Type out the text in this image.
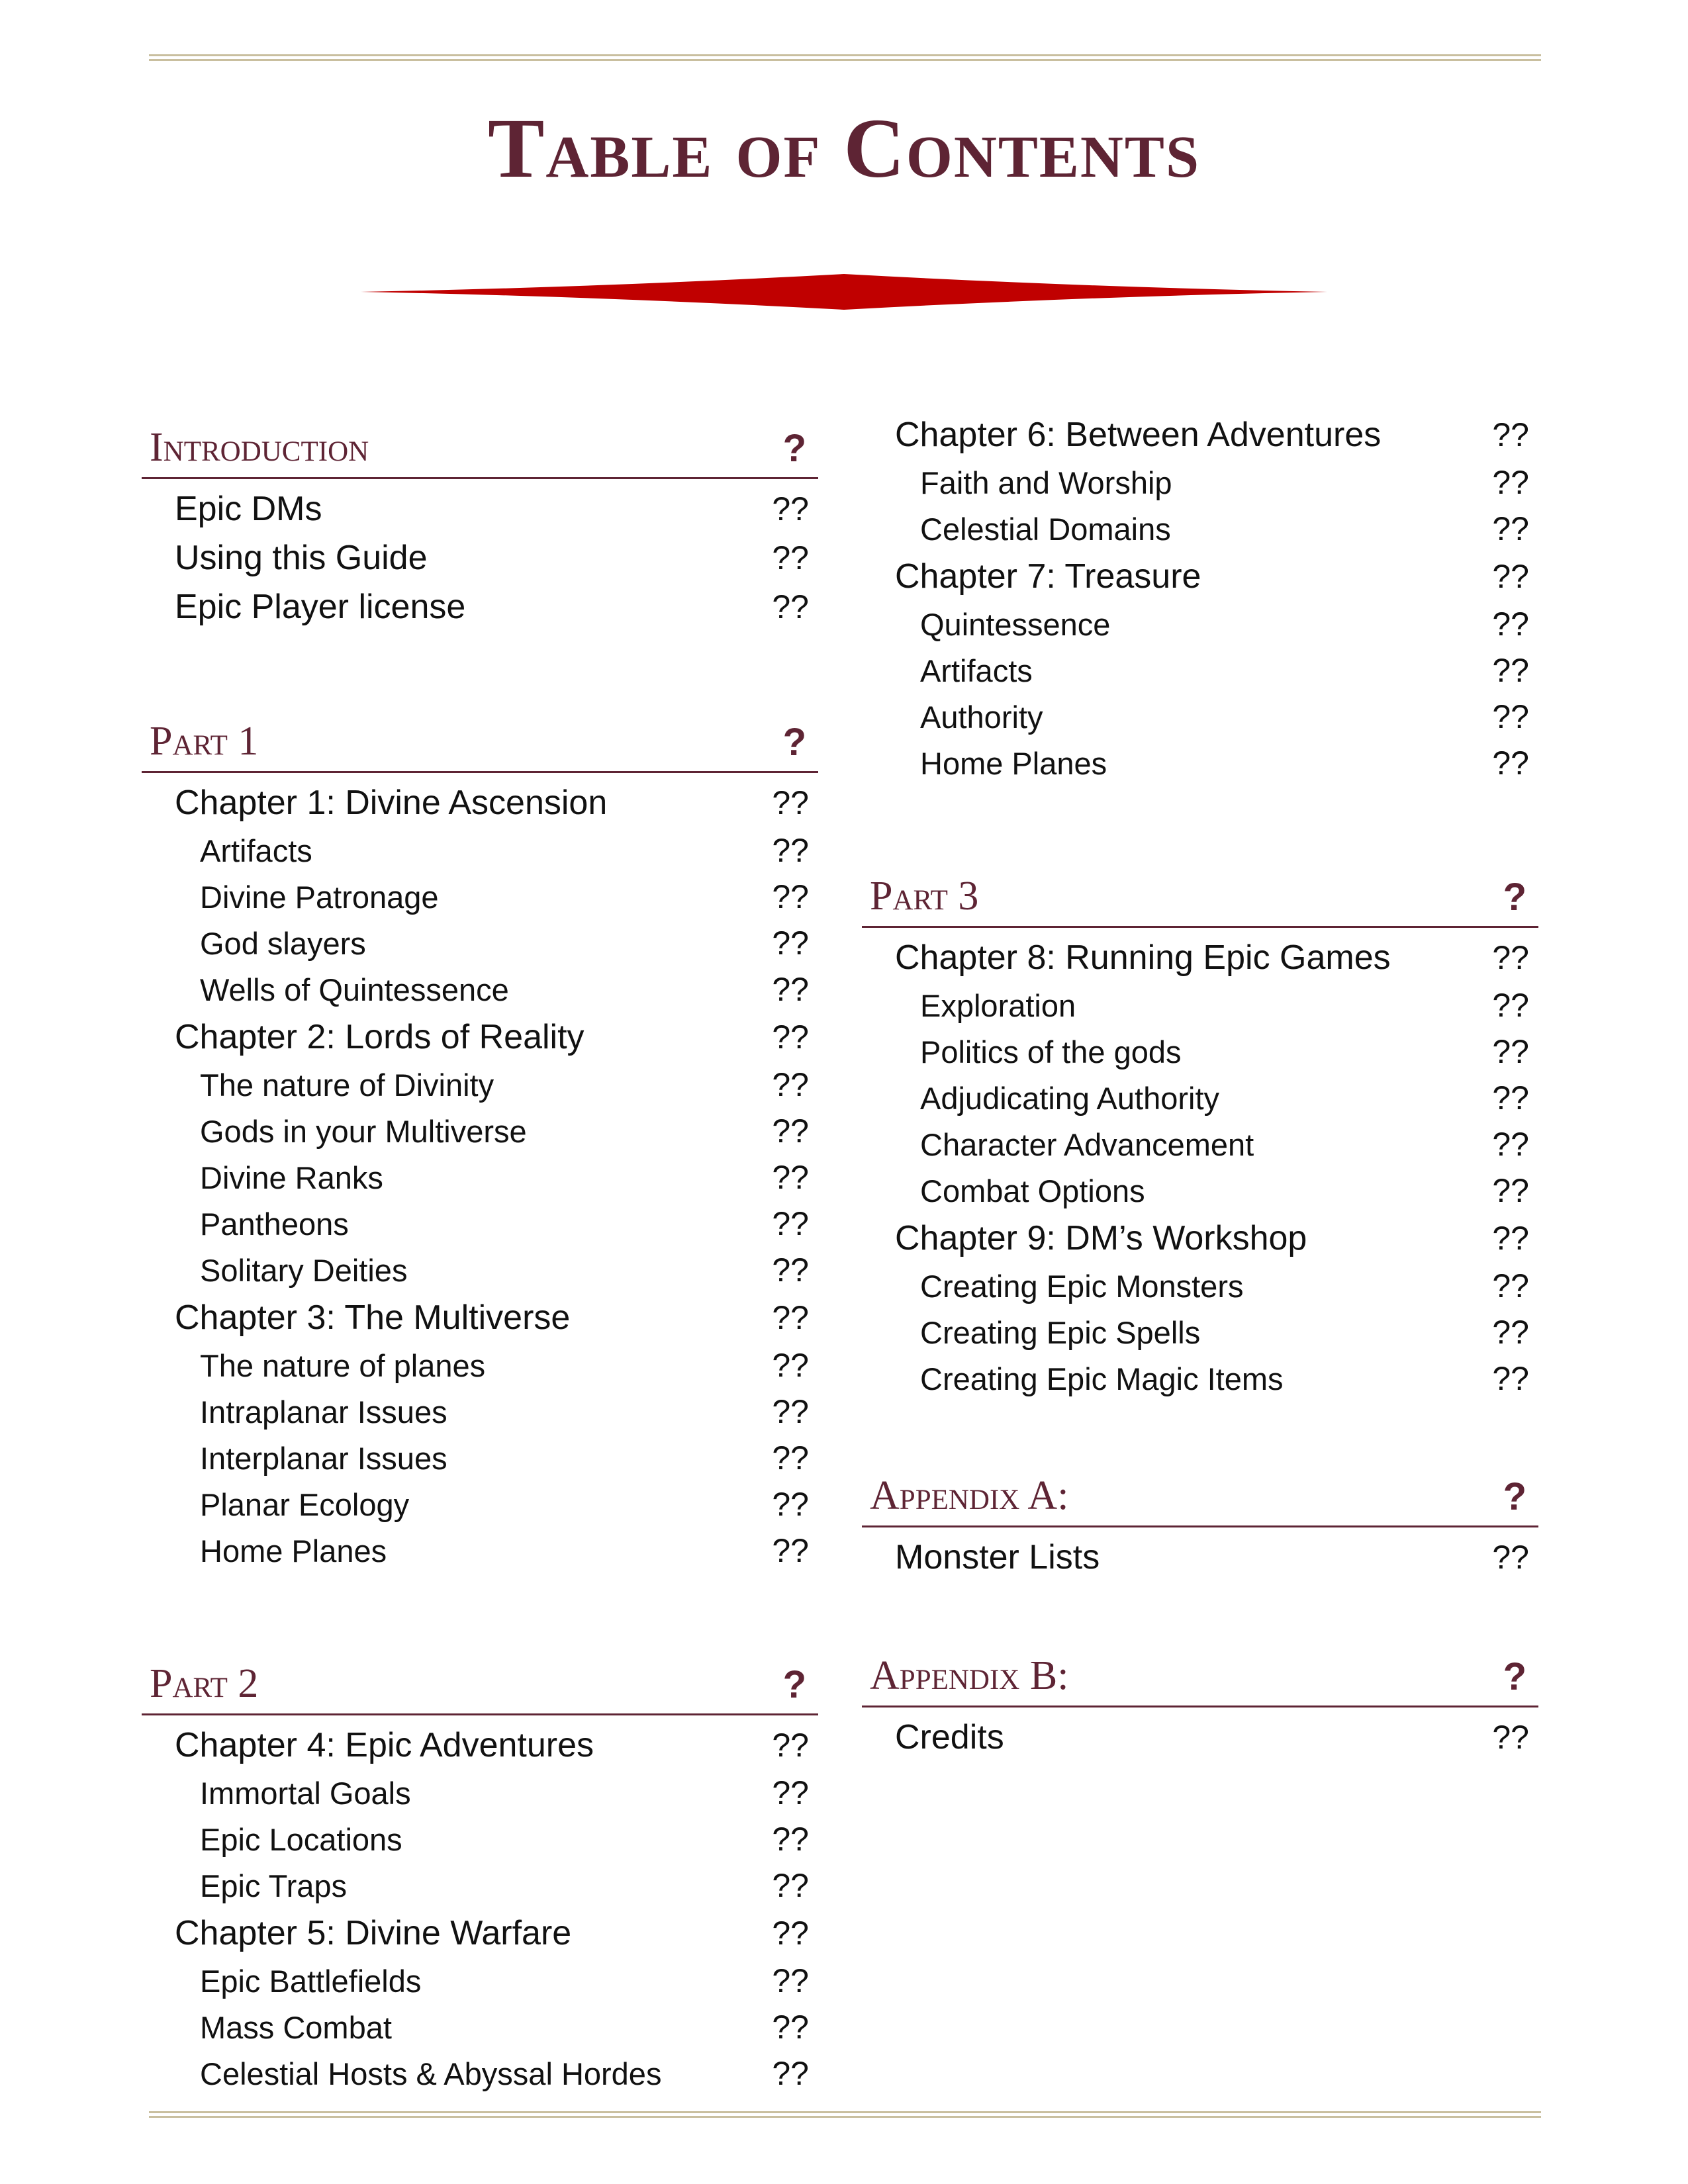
Table of Contents
Introduction	?
Epic DMs	??
Using this Guide	??
Epic Player license	??
Part 1	?
Chapter 1: Divine Ascension	??
Artifacts	??
Divine Patronage	??
God slayers	??
Wells of Quintessence	??
Chapter 2: Lords of Reality	??
The nature of Divinity	??
Gods in your Multiverse	??
Divine Ranks	??
Pantheons	??
Solitary Deities	??
Chapter 3: The Multiverse	??
The nature of planes	??
Intraplanar Issues	??
Interplanar Issues	??
Planar Ecology	??
Home Planes	??
Part 2	?
Chapter 4: Epic Adventures	??
Immortal Goals	??
Epic Locations	??
Epic Traps	??
Chapter 5: Divine Warfare	??
Epic Battlefields	??
Mass Combat	??
Celestial Hosts & Abyssal Hordes	??
Chapter 6: Between Adventures	??
Faith and Worship	??
Celestial Domains	??
Chapter 7: Treasure	??
Quintessence	??
Artifacts	??
Authority	??
Home Planes	??
Part 3	?
Chapter 8: Running Epic Games	??
Exploration	??
Politics of the gods	??
Adjudicating Authority	??
Character Advancement	??
Combat Options	??
Chapter 9: DM’s Workshop	??
Creating Epic Monsters	??
Creating Epic Spells	??
Creating Epic Magic Items	??
Appendix A:	?
Monster Lists	??
Appendix B:	?
Credits	??
